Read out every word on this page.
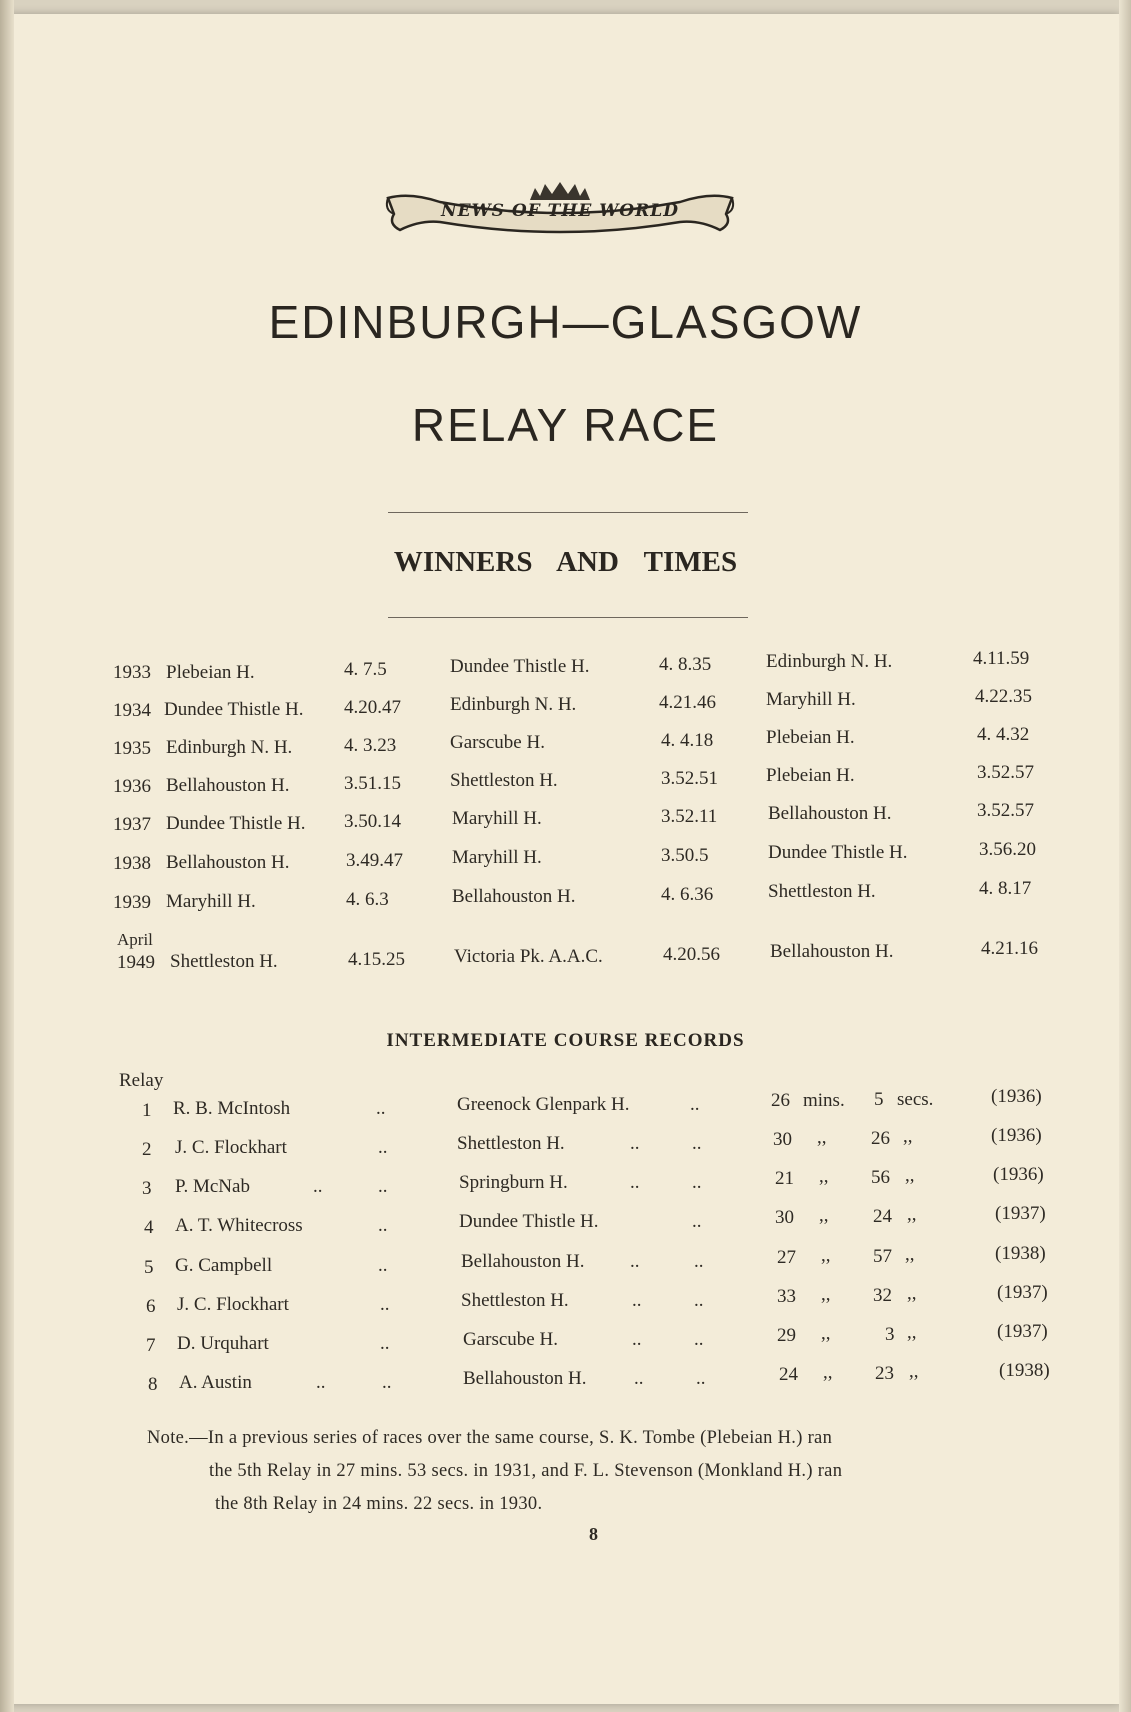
NEWS OF THE WORLD
EDINBURGH—GLASGOW
RELAY RACE
WINNERS AND TIMES
1933 Plebeian H.	4. 7.5	Dundee Thistle H.	4. 8.35	Edinburgh N. H.	4.11.59
1934 Dundee Thistle H. 4.20.47	Edinburgh N. H.	4.21.46	Maryhill H.	4.22.35
1935 Edinburgh N. H.	4. 3.23	Garscube H.	4. 4.18	Plebeian H.	4. 4.32
1936 Bellahouston H.	3.51.15	Shettleston H.	3.52.51	Plebeian H.	3.52.57
1937 Dundee Thistle H. 3.50.14	Maryhill H.	3.52.11	Bellahouston H.	3.52.57
1938 Bellahouston H.	3.49.47	Maryhill H.	3.50.5	Dundee Thistle H.	3.56.20
1939 Maryhill H.	4. 6.3	Bellahouston H.	4. 6.36	Shettleston H.	4. 8.17
April
1949 Shettleston H.	4.15.25	Victoria Pk. A.A.C.	4.20.56	Bellahouston H.	4.21.16
INTERMEDIATE COURSE RECORDS
Relay
1 R. B. McIntosh	..	Greenock Glenpark H.	..	26 mins. 5 secs.	(1936)
2 J. C. Flockhart	..	Shettleston H.	..	..	30 ,, 26 ,,	(1936)
3 P. McNab	..	..	Springburn H.	..	..	21 ,, 56 ,,	(1936)
4 A. T. Whitecross	..	Dundee Thistle H.	..	30 ,, 24 ,,	(1937)
5 G. Campbell	..	Bellahouston H. ..	..	27 ,, 57 ,,	(1938)
6 J. C. Flockhart	..	Shettleston H.	..	..	33 ,, 32 ,,	(1937)
7 D. Urquhart	..	Garscube H.	..	..	29 ,,	3 ,,	(1937)
8 A. Austin	..	..	Bellahouston H.	..	..	24 ,, 23 ,,	(1938)
Note.—In a previous series of races over the same course, S. K. Tombe (Plebeian H.) ran
the 5th Relay in 27 mins. 53 secs. in 1931, and F. L. Stevenson (Monkland H.) ran
the 8th Relay in 24 mins. 22 secs. in 1930.
8
